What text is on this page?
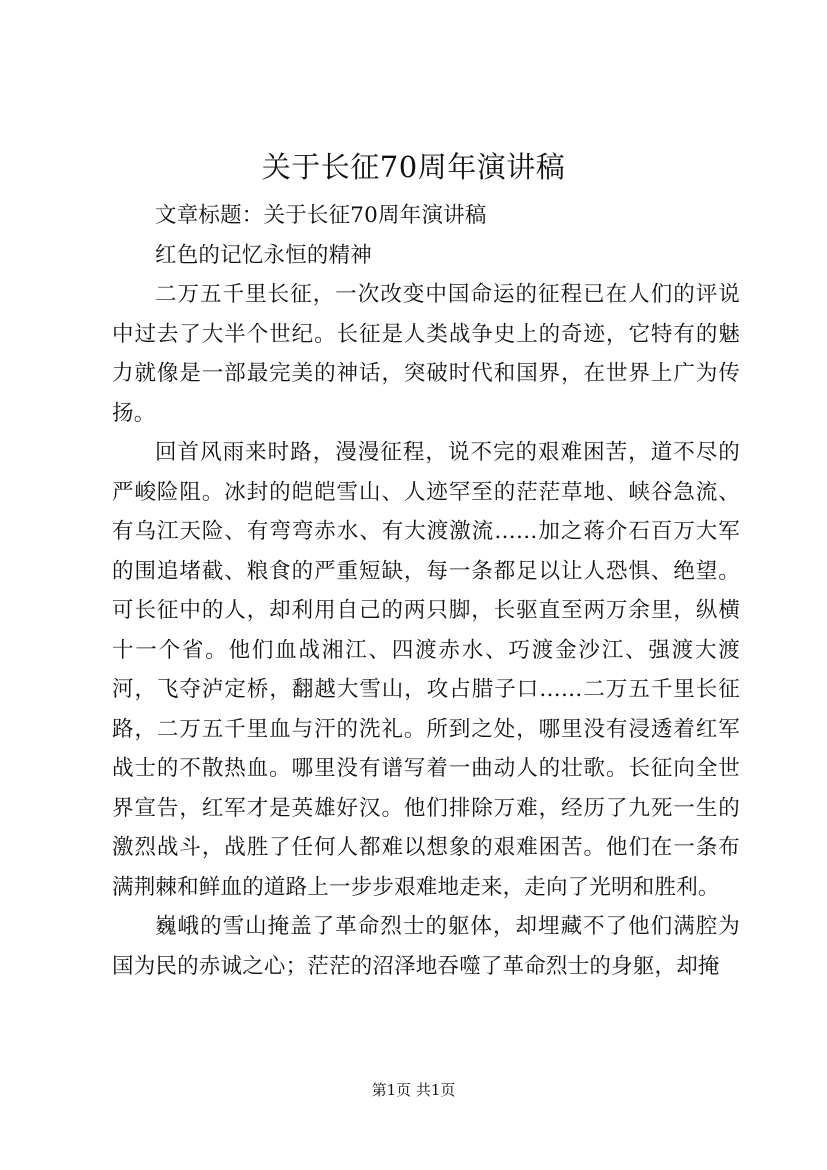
关于长征70周年演讲稿

文章标题：关于长征70周年演讲稿

红色的记忆永恒的精神

二万五千里长征，一次改变中国命运的征程已在人们的评说中过去了大半个世纪。长征是人类战争史上的奇迹，它特有的魅力就像是一部最完美的神话，突破时代和国界，在世界上广为传扬。

回首风雨来时路，漫漫征程，说不完的艰难困苦，道不尽的严峻险阻。冰封的皑皑雪山、人迹罕至的茫茫草地、峡谷急流、有乌江天险、有弯弯赤水、有大渡激流……加之蒋介石百万大军的围追堵截、粮食的严重短缺，每一条都足以让人恐惧、绝望。可长征中的人，却利用自己的两只脚，长驱直至两万余里，纵横十一个省。他们血战湘江、四渡赤水、巧渡金沙江、强渡大渡河，飞夺泸定桥，翻越大雪山，攻占腊子口……二万五千里长征路，二万五千里血与汗的洗礼。所到之处，哪里没有浸透着红军战士的不散热血。哪里没有谱写着一曲动人的壮歌。长征向全世界宣告，红军才是英雄好汉。他们排除万难，经历了九死一生的激烈战斗，战胜了任何人都难以想象的艰难困苦。他们在一条布满荆棘和鲜血的道路上一步步艰难地走来，走向了光明和胜利。

巍峨的雪山掩盖了革命烈士的躯体，却埋藏不了他们满腔为国为民的赤诚之心；茫茫的沼泽地吞噬了革命烈士的身躯，却掩

第1页 共1页
